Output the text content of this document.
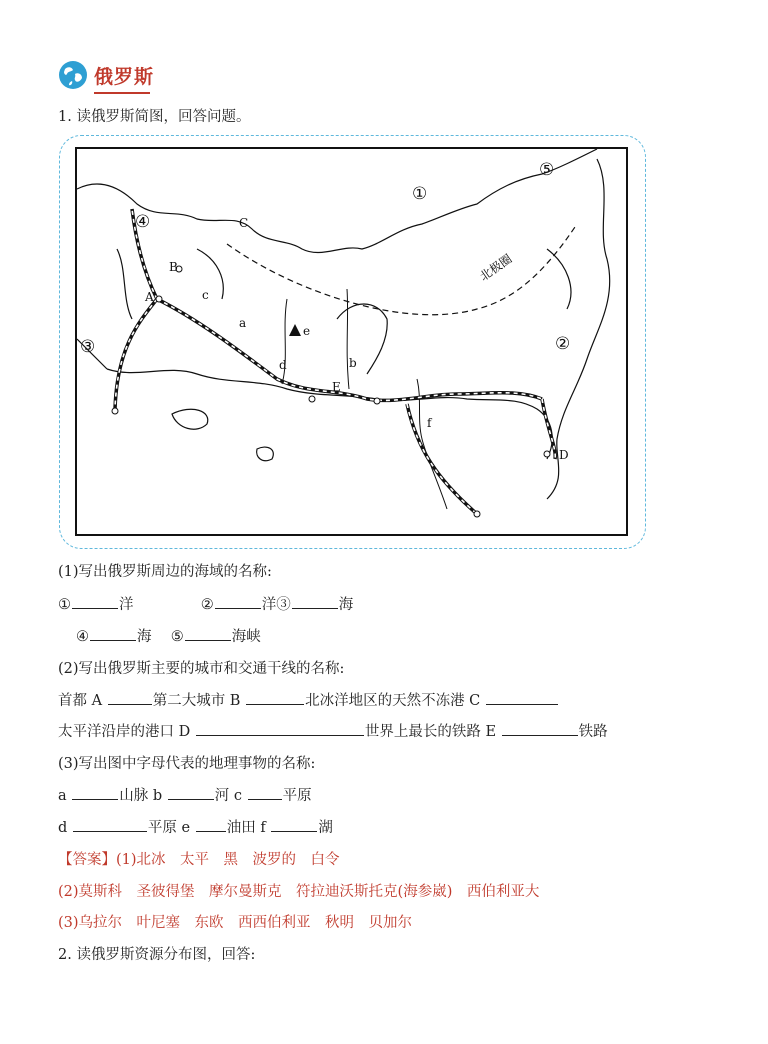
俄罗斯
1. 读俄罗斯简图，回答问题。
①
②
③
④
⑤
A
B
C
D
E
a
b
c
d
e
f
北极圈
(1)写出俄罗斯周边的海域的名称:
①	洋	②	洋③	海
④	海 ⑤	海峡
(2)写出俄罗斯主要的城市和交通干线的名称:
首都 A	第二大城市 B	北冰洋地区的天然不冻港 C
太平洋沿岸的港口 D	世界上最长的铁路 E	铁路
(3)写出图中字母代表的地理事物的名称:
a	山脉 b	河 c 平原
d	平原 e 油田 f	湖
【答案】(1)北冰　太平　黑　波罗的　白令
(2)莫斯科　圣彼得堡　摩尔曼斯克　符拉迪沃斯托克(海参崴)　西伯利亚大
(3)乌拉尔　叶尼塞　东欧　西西伯利亚　秋明　贝加尔
2. 读俄罗斯资源分布图，回答:
